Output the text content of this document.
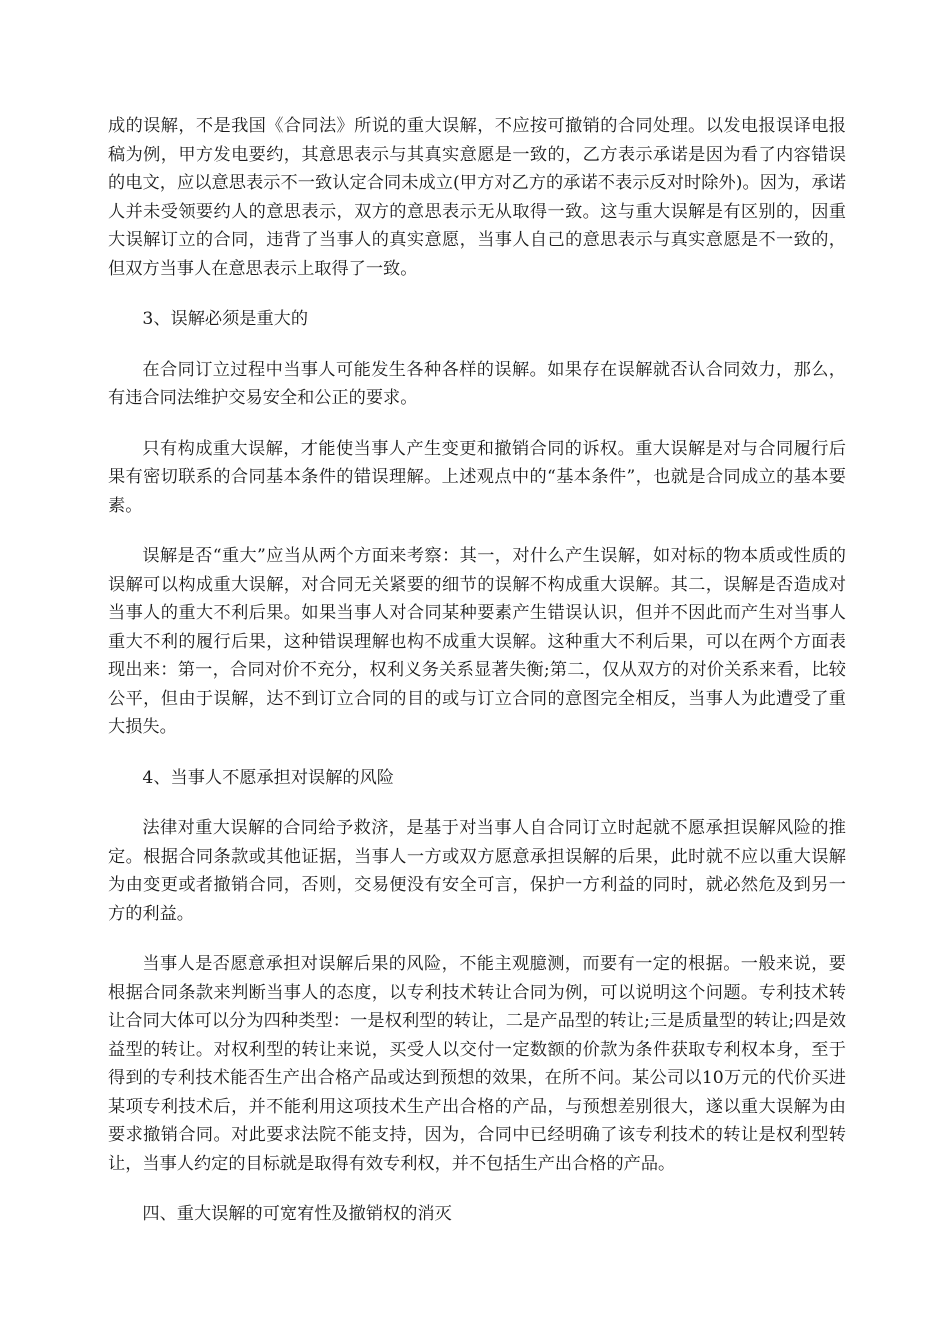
成的误解，不是我国《合同法》所说的重大误解，不应按可撤销的合同处理。以发电报误译电报稿为例，甲方发电要约，其意思表示与其真实意愿是一致的，乙方表示承诺是因为看了内容错误的电文，应以意思表示不一致认定合同未成立(甲方对乙方的承诺不表示反对时除外)。因为，承诺人并未受领要约人的意思表示，双方的意思表示无从取得一致。这与重大误解是有区别的，因重大误解订立的合同，违背了当事人的真实意愿，当事人自己的意思表示与真实意愿是不一致的，但双方当事人在意思表示上取得了一致。

3、误解必须是重大的

在合同订立过程中当事人可能发生各种各样的误解。如果存在误解就否认合同效力，那么，有违合同法维护交易安全和公正的要求。

只有构成重大误解，才能使当事人产生变更和撤销合同的诉权。重大误解是对与合同履行后果有密切联系的合同基本条件的错误理解。上述观点中的“基本条件”，也就是合同成立的基本要素。

误解是否“重大”应当从两个方面来考察：其一，对什么产生误解，如对标的物本质或性质的误解可以构成重大误解，对合同无关紧要的细节的误解不构成重大误解。其二，误解是否造成对当事人的重大不利后果。如果当事人对合同某种要素产生错误认识，但并不因此而产生对当事人重大不利的履行后果，这种错误理解也构不成重大误解。这种重大不利后果，可以在两个方面表现出来：第一，合同对价不充分，权利义务关系显著失衡;第二，仅从双方的对价关系来看，比较公平，但由于误解，达不到订立合同的目的或与订立合同的意图完全相反，当事人为此遭受了重大损失。

4、当事人不愿承担对误解的风险

法律对重大误解的合同给予救济，是基于对当事人自合同订立时起就不愿承担误解风险的推定。根据合同条款或其他证据，当事人一方或双方愿意承担误解的后果，此时就不应以重大误解为由变更或者撤销合同，否则，交易便没有安全可言，保护一方利益的同时，就必然危及到另一方的利益。

当事人是否愿意承担对误解后果的风险，不能主观臆测，而要有一定的根据。一般来说，要根据合同条款来判断当事人的态度，以专利技术转让合同为例，可以说明这个问题。专利技术转让合同大体可以分为四种类型：一是权利型的转让，二是产品型的转让;三是质量型的转让;四是效益型的转让。对权利型的转让来说，买受人以交付一定数额的价款为条件获取专利权本身，至于得到的专利技术能否生产出合格产品或达到预想的效果，在所不问。某公司以10万元的代价买进某项专利技术后，并不能利用这项技术生产出合格的产品，与预想差别很大，遂以重大误解为由要求撤销合同。对此要求法院不能支持，因为，合同中已经明确了该专利技术的转让是权利型转让，当事人约定的目标就是取得有效专利权，并不包括生产出合格的产品。

四、重大误解的可宽宥性及撤销权的消灭
